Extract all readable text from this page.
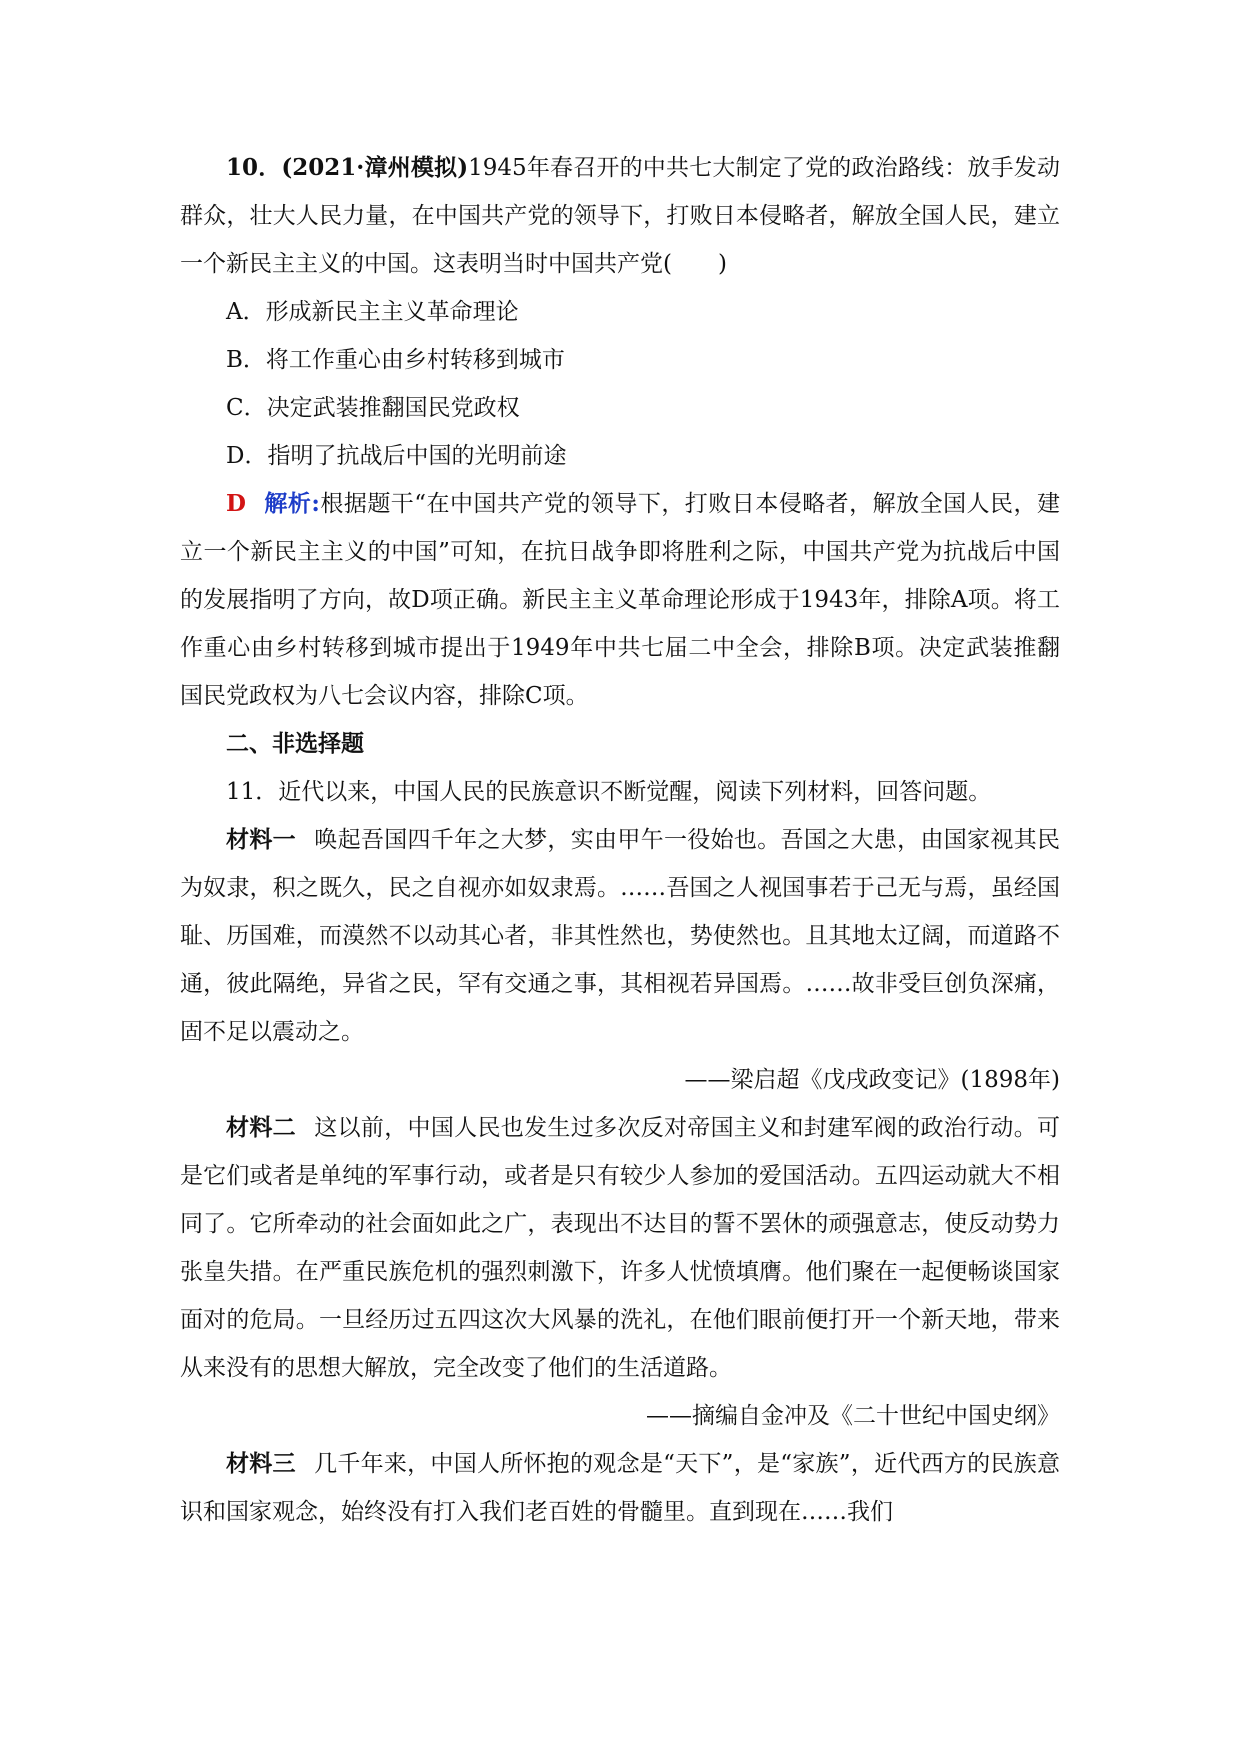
10．(2021·漳州模拟)1945年春召开的中共七大制定了党的政治路线：放手发动群众，壮大人民力量，在中国共产党的领导下，打败日本侵略者，解放全国人民，建立一个新民主主义的中国。这表明当时中国共产党(　　)

A．形成新民主主义革命理论

B．将工作重心由乡村转移到城市

C．决定武装推翻国民党政权

D．指明了抗战后中国的光明前途

D 解析:根据题干“在中国共产党的领导下，打败日本侵略者，解放全国人民，建立一个新民主主义的中国”可知，在抗日战争即将胜利之际，中国共产党为抗战后中国的发展指明了方向，故D项正确。新民主主义革命理论形成于1943年，排除A项。将工作重心由乡村转移到城市提出于1949年中共七届二中全会，排除B项。决定武装推翻国民党政权为八七会议内容，排除C项。

二、非选择题

11．近代以来，中国人民的民族意识不断觉醒，阅读下列材料，回答问题。

材料一 唤起吾国四千年之大梦，实由甲午一役始也。吾国之大患，由国家视其民为奴隶，积之既久，民之自视亦如奴隶焉。……吾国之人视国事若于己无与焉，虽经国耻、历国难，而漠然不以动其心者，非其性然也，势使然也。且其地太辽阔，而道路不通，彼此隔绝，异省之民，罕有交通之事，其相视若异国焉。……故非受巨创负深痛，固不足以震动之。

——梁启超《戊戌政变记》(1898年)

材料二 这以前，中国人民也发生过多次反对帝国主义和封建军阀的政治行动。可是它们或者是单纯的军事行动，或者是只有较少人参加的爱国活动。五四运动就大不相同了。它所牵动的社会面如此之广，表现出不达目的誓不罢休的顽强意志，使反动势力张皇失措。在严重民族危机的强烈刺激下，许多人忧愤填膺。他们聚在一起便畅谈国家面对的危局。一旦经历过五四这次大风暴的洗礼，在他们眼前便打开一个新天地，带来从来没有的思想大解放，完全改变了他们的生活道路。

——摘编自金冲及《二十世纪中国史纲》

材料三 几千年来，中国人所怀抱的观念是“天下”，是“家族”，近代西方的民族意识和国家观念，始终没有打入我们老百姓的骨髓里。直到现在……我们
